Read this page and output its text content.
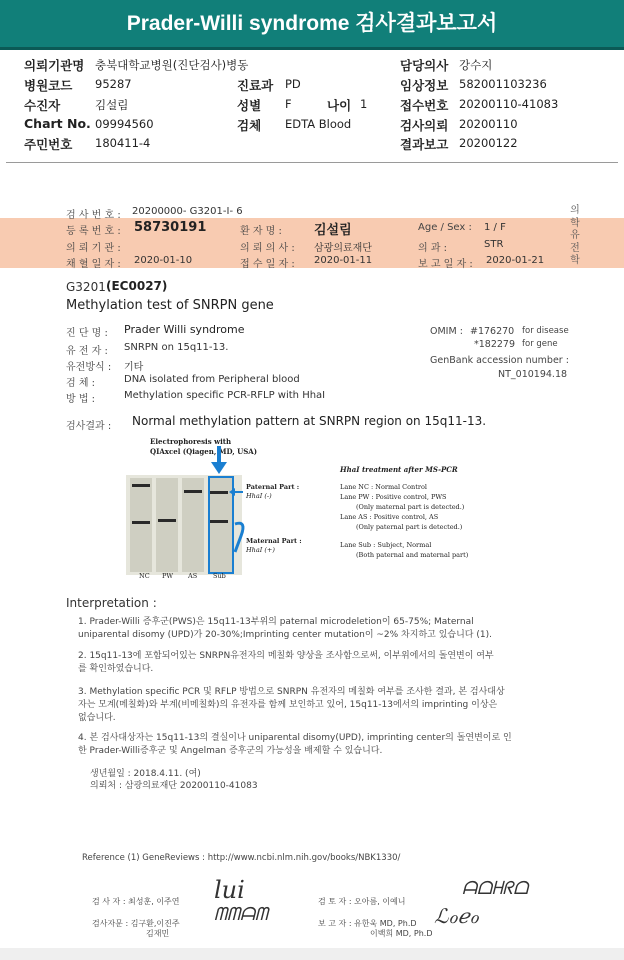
Prader-Willi syndrome 검사결과보고서
의뢰기관명 충북대학교병원(진단검사)병동	담당의사 강수지
병원코드 95287	진료과 PD	임상정보 582001103236
수진자	김설림	성별 F	나이 1	접수번호 20200110-41083
Chart No. 09994560	검체 EDTA Blood	검사의뢰 20200110
주민번호 180411-4	결과보고 20200122
검 사 번 호 : 20200000- G3201-I- 6
등 록 번 호 : 58730191	환 자 명 : 김설림	Age / Sex : 1 / F
의 뢰 기 관 :	의 뢰 의 사 : 삼광의료재단	의 과 :	STR
채 혈 일 자 : 2020-01-10	접 수 일 자 : 2020-01-11	보 고 일 자 : 2020-01-21
의학유전학
G3201 (EC0027)
Methylation test of SNRPN gene
진 단 명 : Prader Willi syndrome
유 전 자 : SNRPN on 15q11-13.
유전방식 : 기타
검 체 :	DNA isolated from Peripheral blood
방 법 :	Methylation specific PCR-RFLP with HhaI
OMIM : #176270 for disease
*182279 for gene
GenBank accession number :
NT_010194.18
검사결과 : Normal methylation pattern at SNRPN region on 15q11-13.
Electrophoresis with
QIAxcel (Qiagen, MD, USA)
NC PW AS Sub
Paternal Part :
HhaI (-)
Maternal Part :
HhaI (+)
HhaI treatment after MS-PCR
Lane NC : Normal Control
Lane PW : Positive control, PWS
(Only maternal part is detected.)
Lane AS : Positive control, AS
(Only paternal part is detected.)
Lane Sub : Subject, Normal
(Both paternal and maternal part)
Interpretation :
1. Prader-Willi 증후군(PWS)은 15q11-13부위의 paternal microdeletion이 65-75%; Maternal
uniparental disomy (UPD)가 20-30%;Imprinting center mutation이 ~2% 차지하고 있습니다 (1).
2. 15q11-13에 포함되어있는 SNRPN유전자의 메칠화 양상을 조사함으로써, 이부위에서의 돌연변이 여부
를 확인하였습니다.
3. Methylation specific PCR 및 RFLP 방법으로 SNRPN 유전자의 메칠화 여부를 조사한 결과, 본 검사대상
자는 모계(메칠화)와 부계(비메칠화)의 유전자를 함께 보인하고 있어, 15q11-13에서의 imprinting 이상은
없습니다.
4. 본 검사대상자는 15q11-13의 결실이나 uniparental disomy(UPD), imprinting center의 돌연변이로 인
한 Prader-Willi증후군 및 Angelman 증후군의 가능성을 배제할 수 있습니다.
생년월일 : 2018.4.11. (여)
의뢰처 : 삼광의료재단 20200110-41083
Reference (1) GeneReviews : http://www.ncbi.nlm.nih.gov/books/NBK1330/
검 사 자 : 최성훈, 이주연 lui	검 토 자 : 오아름, 이예니
ᗩᗝᕼᖇᗝ
검사자문 : 김구환,이진주
김재민
ᗰᗰᗩᗰ	보 고 자 : 유한욱 MD, Ph.D
이백희 MD, Ph.D
ℒℴℯℴ
